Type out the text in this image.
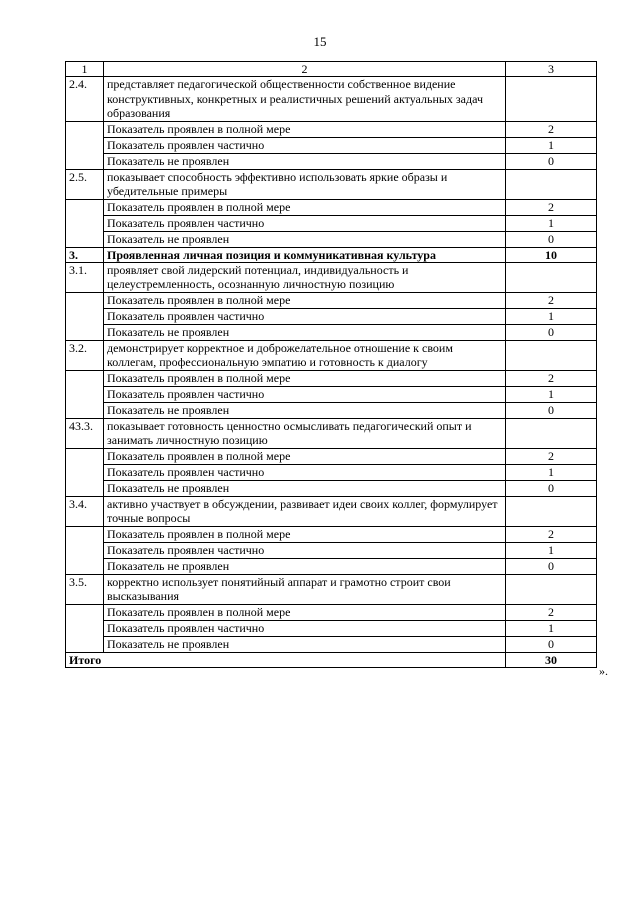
15
1	2	3
2.4.	представляет педагогической общественности собственное видение конструктивных, конкретных и реалистичных решений актуальных задач образования	
	Показатель проявлен в полной мере	2
	Показатель проявлен частично	1
	Показатель не проявлен	0
2.5.	показывает способность эффективно использовать яркие образы и убедительные примеры	
	Показатель проявлен в полной мере	2
	Показатель проявлен частично	1
	Показатель не проявлен	0
3.	Проявленная личная позиция и коммуникативная культура	10
3.1.	проявляет свой лидерский потенциал, индивидуальность и целеустремленность, осознанную личностную позицию	
	Показатель проявлен в полной мере	2
	Показатель проявлен частично	1
	Показатель не проявлен	0
3.2.	демонстрирует корректное и доброжелательное отношение к своим коллегам, профессиональную эмпатию и готовность к диалогу	
	Показатель проявлен в полной мере	2
	Показатель проявлен частично	1
	Показатель не проявлен	0
43.3.	показывает готовность ценностно осмысливать педагогический опыт и занимать личностную позицию	
	Показатель проявлен в полной мере	2
	Показатель проявлен частично	1
	Показатель не проявлен	0
3.4.	активно участвует в обсуждении, развивает идеи своих коллег, формулирует точные вопросы	
	Показатель проявлен в полной мере	2
	Показатель проявлен частично	1
	Показатель не проявлен	0
3.5.	корректно использует понятийный аппарат и грамотно строит свои высказывания	
	Показатель проявлен в полной мере	2
	Показатель проявлен частично	1
	Показатель не проявлен	0
Итого		30
».
